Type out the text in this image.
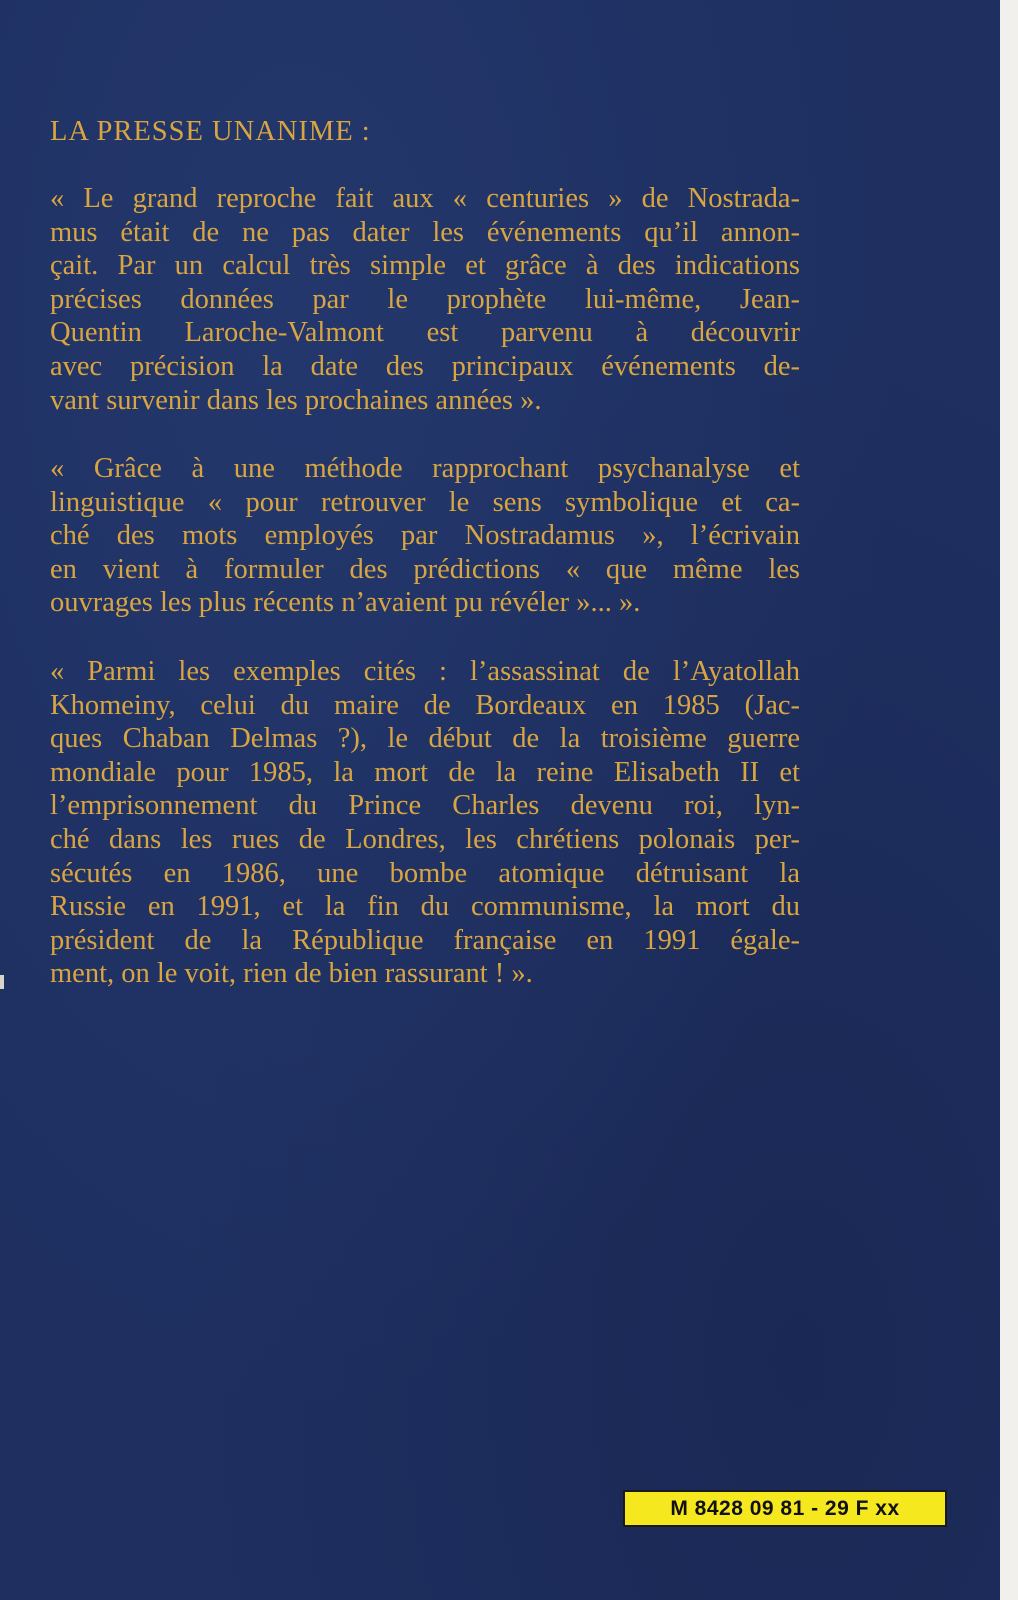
LA PRESSE UNANIME :
« Le grand reproche fait aux « centuries » de Nostrada-
mus était de ne pas dater les événements qu’il annon-
çait. Par un calcul très simple et grâce à des indications
précises données par le prophète lui-même, Jean-
Quentin Laroche-Valmont est parvenu à découvrir
avec précision la date des principaux événements de-
vant survenir dans les prochaines années ».
« Grâce à une méthode rapprochant psychanalyse et
linguistique « pour retrouver le sens symbolique et ca-
ché des mots employés par Nostradamus », l’écrivain
en vient à formuler des prédictions « que même les
ouvrages les plus récents n’avaient pu révéler »... ».
« Parmi les exemples cités : l’assassinat de l’Ayatollah
Khomeiny, celui du maire de Bordeaux en 1985 (Jac-
ques Chaban Delmas ?), le début de la troisième guerre
mondiale pour 1985, la mort de la reine Elisabeth II et
l’emprisonnement du Prince Charles devenu roi, lyn-
ché dans les rues de Londres, les chrétiens polonais per-
sécutés en 1986, une bombe atomique détruisant la
Russie en 1991, et la fin du communisme, la mort du
président de la République française en 1991 égale-
ment, on le voit, rien de bien rassurant ! ».
M 8428 09 81 - 29 F xx
